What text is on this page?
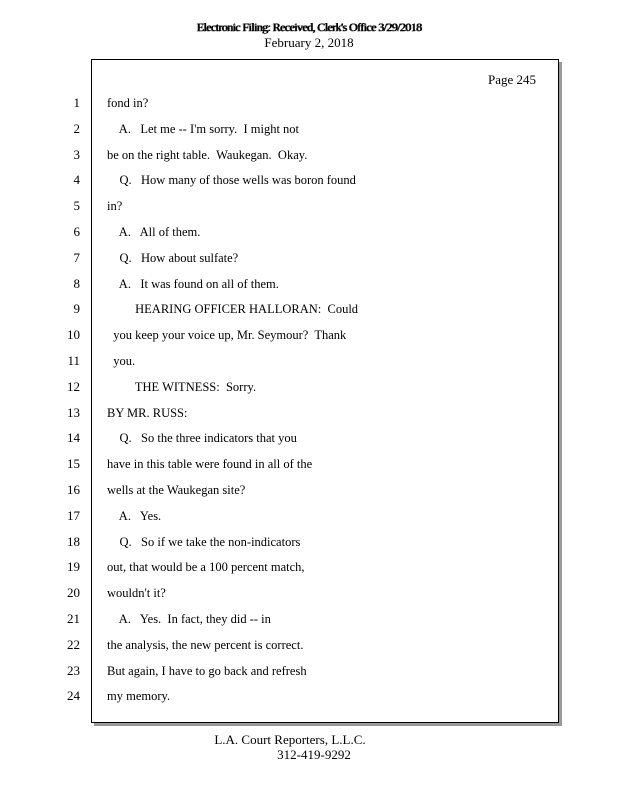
Electronic Filing: Received, Clerk's Office 3/29/2018
February 2, 2018
Page 245
1 fond in?
2 A.   Let me -- I'm sorry.  I might not
3 be on the right table.  Waukegan.  Okay.
4 Q.   How many of those wells was boron found
5 in?
6 A.   All of them.
7 Q.   How about sulfate?
8 A.   It was found on all of them.
9 HEARING OFFICER HALLORAN:  Could
10 you keep your voice up, Mr. Seymour?  Thank
11 you.
12 THE WITNESS:  Sorry.
13 BY MR. RUSS:
14 Q.   So the three indicators that you
15 have in this table were found in all of the
16 wells at the Waukegan site?
17 A.   Yes.
18 Q.   So if we take the non-indicators
19 out, that would be a 100 percent match,
20 wouldn't it?
21 A.   Yes.  In fact, they did -- in
22 the analysis, the new percent is correct.
23 But again, I have to go back and refresh
24 my memory.
L.A. Court Reporters, L.L.C.
312-419-9292
